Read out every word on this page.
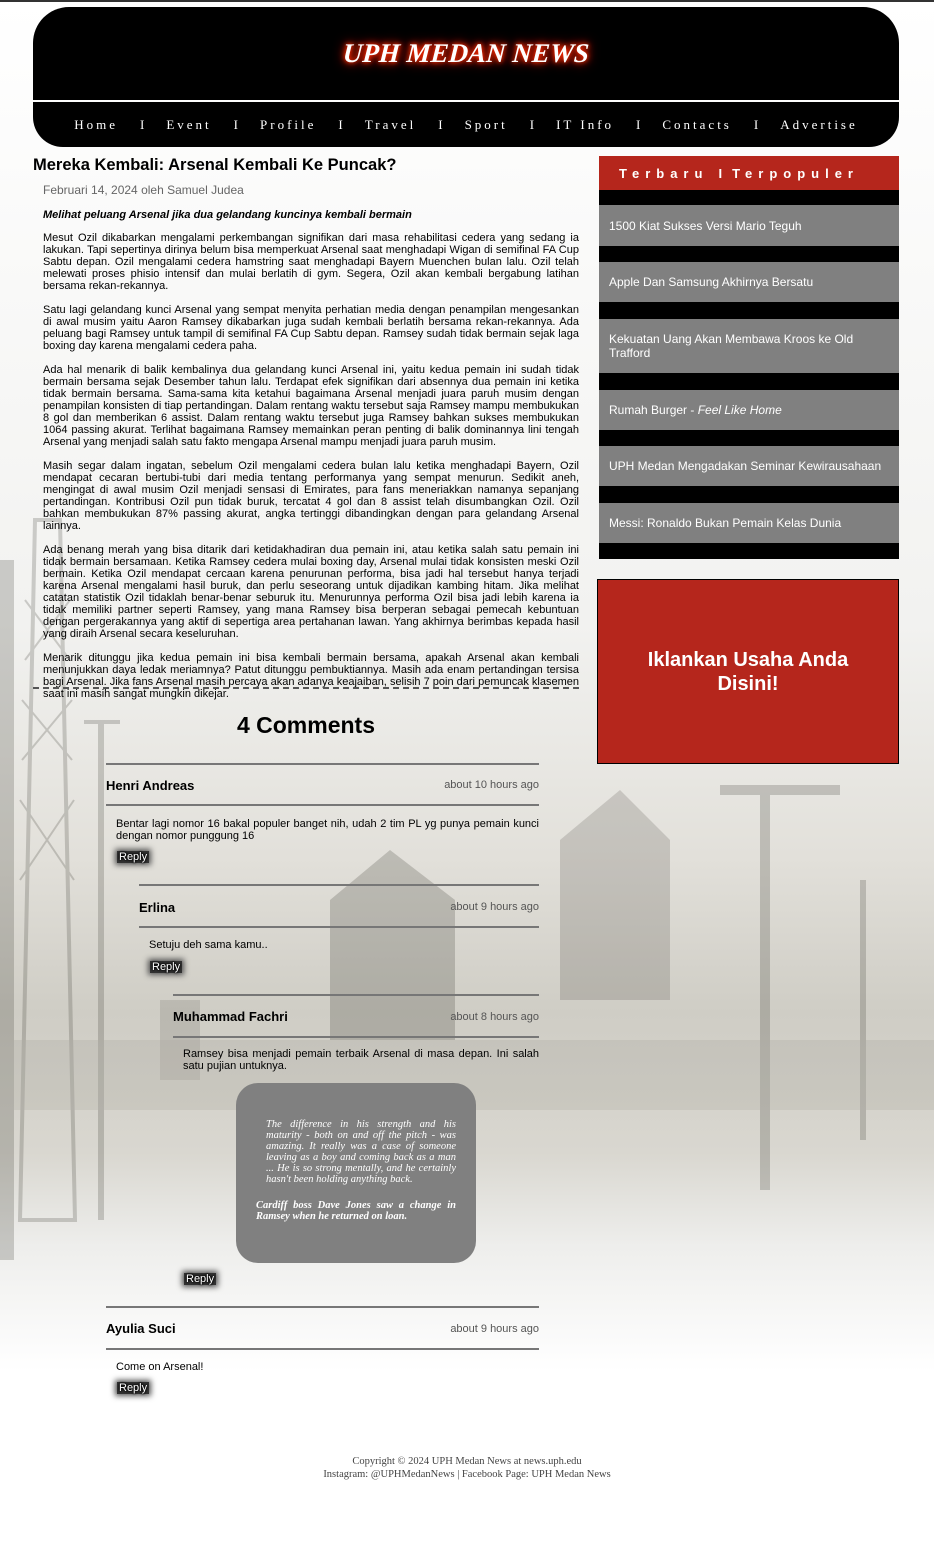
UPH MEDAN NEWS
Home I Event I Profile I Travel I Sport I IT Info I Contacts I Advertise
Mereka Kembali: Arsenal Kembali Ke Puncak?
Februari 14, 2024 oleh Samuel Judea
Melihat peluang Arsenal jika dua gelandang kuncinya kembali bermain

Mesut Ozil dikabarkan mengalami perkembangan signifikan dari masa rehabilitasi cedera yang sedang ia lakukan. Tapi sepertinya dirinya belum bisa memperkuat Arsenal saat menghadapi Wigan di semifinal FA Cup Sabtu depan. Ozil mengalami cedera hamstring saat menghadapi Bayern Muenchen bulan lalu. Ozil telah melewati proses phisio intensif dan mulai berlatih di gym. Segera, Ozil akan kembali bergabung latihan bersama rekan-rekannya.

Satu lagi gelandang kunci Arsenal yang sempat menyita perhatian media dengan penampilan mengesankan di awal musim yaitu Aaron Ramsey dikabarkan juga sudah kembali berlatih bersama rekan-rekannya. Ada peluang bagi Ramsey untuk tampil di semifinal FA Cup Sabtu depan. Ramsey sudah tidak bermain sejak laga boxing day karena mengalami cedera paha.

Ada hal menarik di balik kembalinya dua gelandang kunci Arsenal ini, yaitu kedua pemain ini sudah tidak bermain bersama sejak Desember tahun lalu. Terdapat efek signifikan dari absennya dua pemain ini ketika tidak bermain bersama. Sama-sama kita ketahui bagaimana Arsenal menjadi juara paruh musim dengan penampilan konsisten di tiap pertandingan. Dalam rentang waktu tersebut saja Ramsey mampu membukukan 8 gol dan memberikan 6 assist. Dalam rentang waktu tersebut juga Ramsey bahkan sukses membukukan 1064 passing akurat. Terlihat bagaimana Ramsey memainkan peran penting di balik dominannya lini tengah Arsenal yang menjadi salah satu fakto mengapa Arsenal mampu menjadi juara paruh musim.

Masih segar dalam ingatan, sebelum Ozil mengalami cedera bulan lalu ketika menghadapi Bayern, Ozil mendapat cecaran bertubi-tubi dari media tentang performanya yang sempat menurun. Sedikit aneh, mengingat di awal musim Ozil menjadi sensasi di Emirates, para fans meneriakkan namanya sepanjang pertandingan. Kontribusi Ozil pun tidak buruk, tercatat 4 gol dan 8 assist telah disumbangkan Ozil. Ozil bahkan membukukan 87% passing akurat, angka tertinggi dibandingkan dengan para gelandang Arsenal lainnya.

Ada benang merah yang bisa ditarik dari ketidakhadiran dua pemain ini, atau ketika salah satu pemain ini tidak bermain bersamaan. Ketika Ramsey cedera mulai boxing day, Arsenal mulai tidak konsisten meski Ozil bermain. Ketika Ozil mendapat cercaan karena penurunan performa, bisa jadi hal tersebut hanya terjadi karena Arsenal mengalami hasil buruk, dan perlu seseorang untuk dijadikan kambing hitam. Jika melihat catatan statistik Ozil tidaklah benar-benar seburuk itu. Menurunnya performa Ozil bisa jadi lebih karena ia tidak memiliki partner seperti Ramsey, yang mana Ramsey bisa berperan sebagai pemecah kebuntuan dengan pergerakannya yang aktif di sepertiga area pertahanan lawan. Yang akhirnya berimbas kepada hasil yang diraih Arsenal secara keseluruhan.

Menarik ditunggu jika kedua pemain ini bisa kembali bermain bersama, apakah Arsenal akan kembali menunjukkan daya ledak meriamnya? Patut ditunggu pembuktiannya. Masih ada enam pertandingan tersisa bagi Arsenal. Jika fans Arsenal masih percaya akan adanya keajaiban, selisih 7 poin dari pemuncak klasemen saat ini masih sangat mungkin dikejar.

4 Comments
Henri Andreas	about 10 hours ago
Bentar lagi nomor 16 bakal populer banget nih, udah 2 tim PL yg punya pemain kunci dengan nomor punggung 16
Reply
Erlina	about 9 hours ago
Setuju deh sama kamu..
Reply
Muhammad Fachri	about 8 hours ago
Ramsey bisa menjadi pemain terbaik Arsenal di masa depan. Ini salah satu pujian untuknya.
The difference in his strength and his maturity - both on and off the pitch - was amazing. It really was a case of someone leaving as a boy and coming back as a man ... He is so strong mentally, and he certainly hasn't been holding anything back.
Cardiff boss Dave Jones saw a change in Ramsey when he returned on loan.
Reply
Ayulia Suci	about 9 hours ago
Come on Arsenal!
Reply
Terbaru I Terpopuler
1500 Kiat Sukses Versi Mario Teguh
Apple Dan Samsung Akhirnya Bersatu
Kekuatan Uang Akan Membawa Kroos ke Old Trafford
Rumah Burger - Feel Like Home
UPH Medan Mengadakan Seminar Kewirausahaan
Messi: Ronaldo Bukan Pemain Kelas Dunia
Iklankan Usaha Anda Disini!
Copyright © 2024 UPH Medan News at news.uph.edu
Instagram: @UPHMedanNews | Facebook Page: UPH Medan News
